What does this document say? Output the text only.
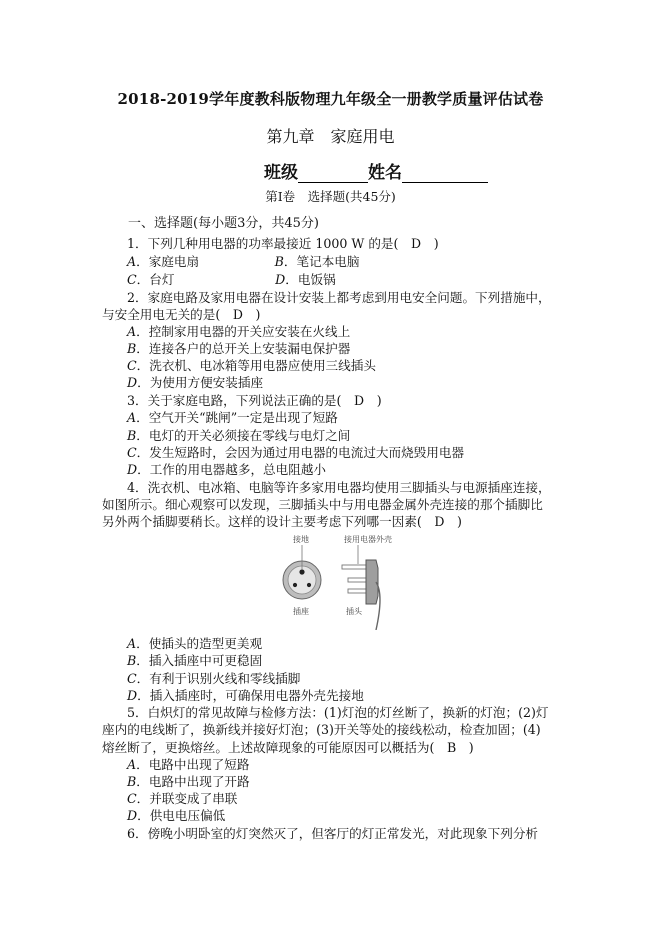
2018-2019学年度教科版物理九年级全一册教学质量评估试卷
第九章　家庭用电
班级	姓名
第Ⅰ卷　选择题(共45分)
一、选择题(每小题3分，共45分)
1．下列几种用电器的功率最接近 1000 W 的是(　D　)
A．家庭电扇　　　　　　B．笔记本电脑
C．台灯　　　　　　　　D．电饭锅
2．家庭电路及家用电器在设计安装上都考虑到用电安全问题。下列措施中，
与安全用电无关的是(　D　)
A．控制家用电器的开关应安装在火线上
B．连接各户的总开关上安装漏电保护器
C．洗衣机、电冰箱等用电器应使用三线插头
D．为使用方便安装插座
3．关于家庭电路，下列说法正确的是(　D　)
A．空气开关“跳闸”一定是出现了短路
B．电灯的开关必须接在零线与电灯之间
C．发生短路时，会因为通过用电器的电流过大而烧毁用电器
D．工作的用电器越多，总电阻越小
4．洗衣机、电冰箱、电脑等许多家用电器均使用三脚插头与电源插座连接，
如图所示。细心观察可以发现，三脚插头中与用电器金属外壳连接的那个插脚比
另外两个插脚要稍长。这样的设计主要考虑下列哪一因素(　D　)
接地	接用电器外壳
插座	插头
A．使插头的造型更美观
B．插入插座中可更稳固
C．有利于识别火线和零线插脚
D．插入插座时，可确保用电器外壳先接地
5．白炽灯的常见故障与检修方法：(1)灯泡的灯丝断了，换新的灯泡；(2)灯
座内的电线断了，换新线并接好灯泡；(3)开关等处的接线松动，检查加固；(4)
熔丝断了，更换熔丝。上述故障现象的可能原因可以概括为(　B　)
A．电路中出现了短路
B．电路中出现了开路
C．并联变成了串联
D．供电电压偏低
6．傍晚小明卧室的灯突然灭了，但客厅的灯正常发光，对此现象下列分析
